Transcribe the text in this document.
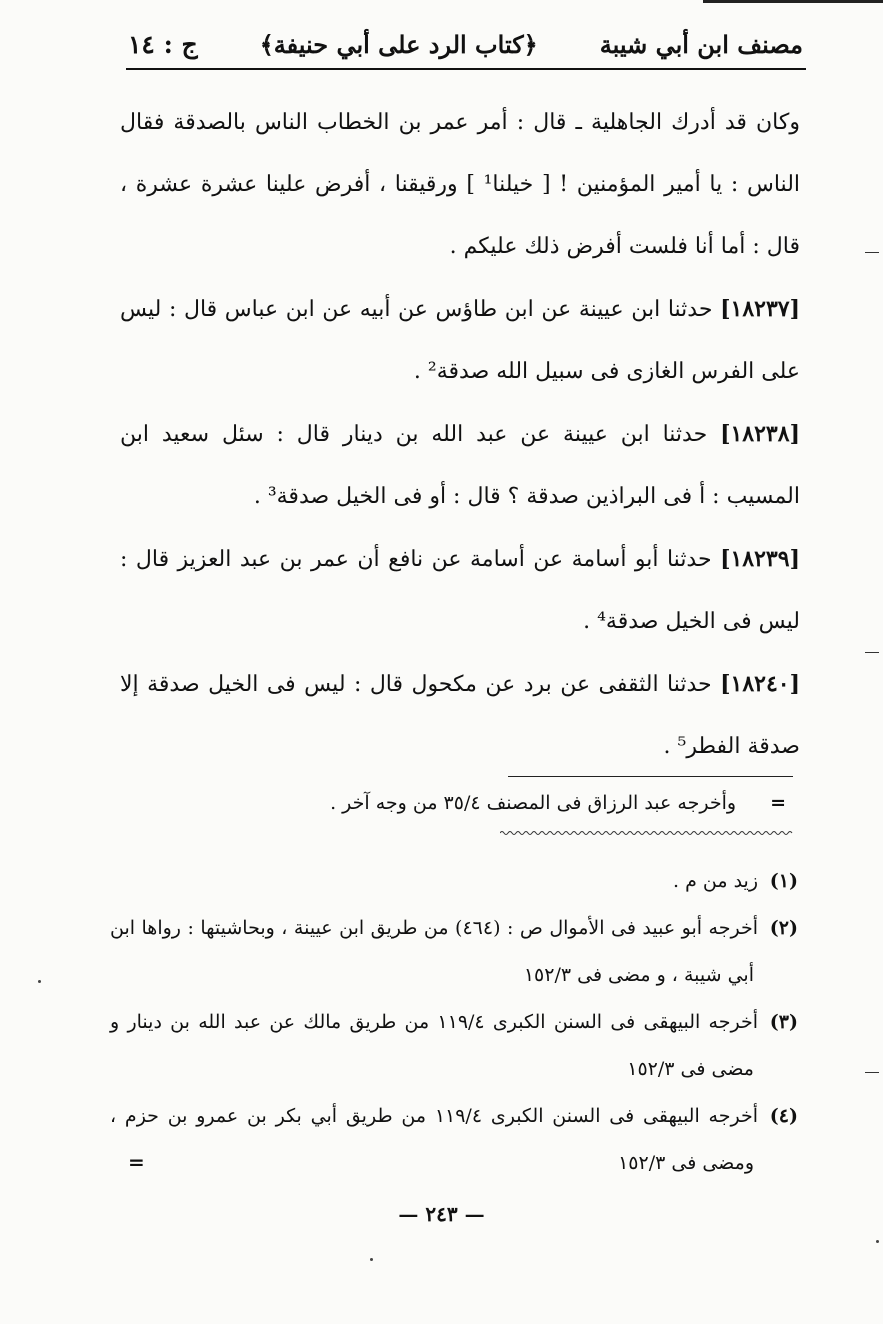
مصنف ابن أبي شيبة
﴿كتاب الرد على أبي حنيفة﴾
ج : ١٤

وكان قد أدرك الجاهلية ـ قال : أمر عمر بن الخطاب الناس بالصدقة فقال الناس : يا أمير المؤمنين ! [ خيلنا¹ ] ورقيقنا ، أفرض علينا عشرة عشرة ، قال : أما أنا فلست أفرض ذلك عليكم .

[١٨٢٣٧] حدثنا ابن عيينة عن ابن طاؤس عن أبيه عن ابن عباس قال : ليس على الفرس الغازى فى سبيل الله صدقة² .

[١٨٢٣٨] حدثنا ابن عيينة عن عبد الله بن دينار قال : سئل سعيد ابن المسيب : أ فى البراذين صدقة ؟ قال : أو فى الخيل صدقة³ .

[١٨٢٣٩] حدثنا أبو أسامة عن أسامة عن نافع أن عمر بن عبد العزيز قال : ليس فى الخيل صدقة⁴ .

[١٨٢٤٠] حدثنا الثقفى عن برد عن مكحول قال : ليس فى الخيل صدقة إلا صدقة الفطر⁵ .

= وأخرجه عبد الرزاق فى المصنف ٣٥/٤ من وجه آخر .

(١)زيد من م .

(٢)أخرجه أبو عبيد فى الأموال ص : (٤٦٤) من طريق ابن عيينة ، وبحاشيتها : رواها ابن أبي شيبة ، و مضى فى ١٥٢/٣

(٣)أخرجه البيهقى فى السنن الكبرى ١١٩/٤ من طريق مالك عن عبد الله بن دينار و مضى فى ١٥٢/٣

(٤)أخرجه البيهقى فى السنن الكبرى ١١٩/٤ من طريق أبي بكر بن عمرو بن حزم ، ومضى فى ١٥٢/٣

=
— ٢٤٣ —
